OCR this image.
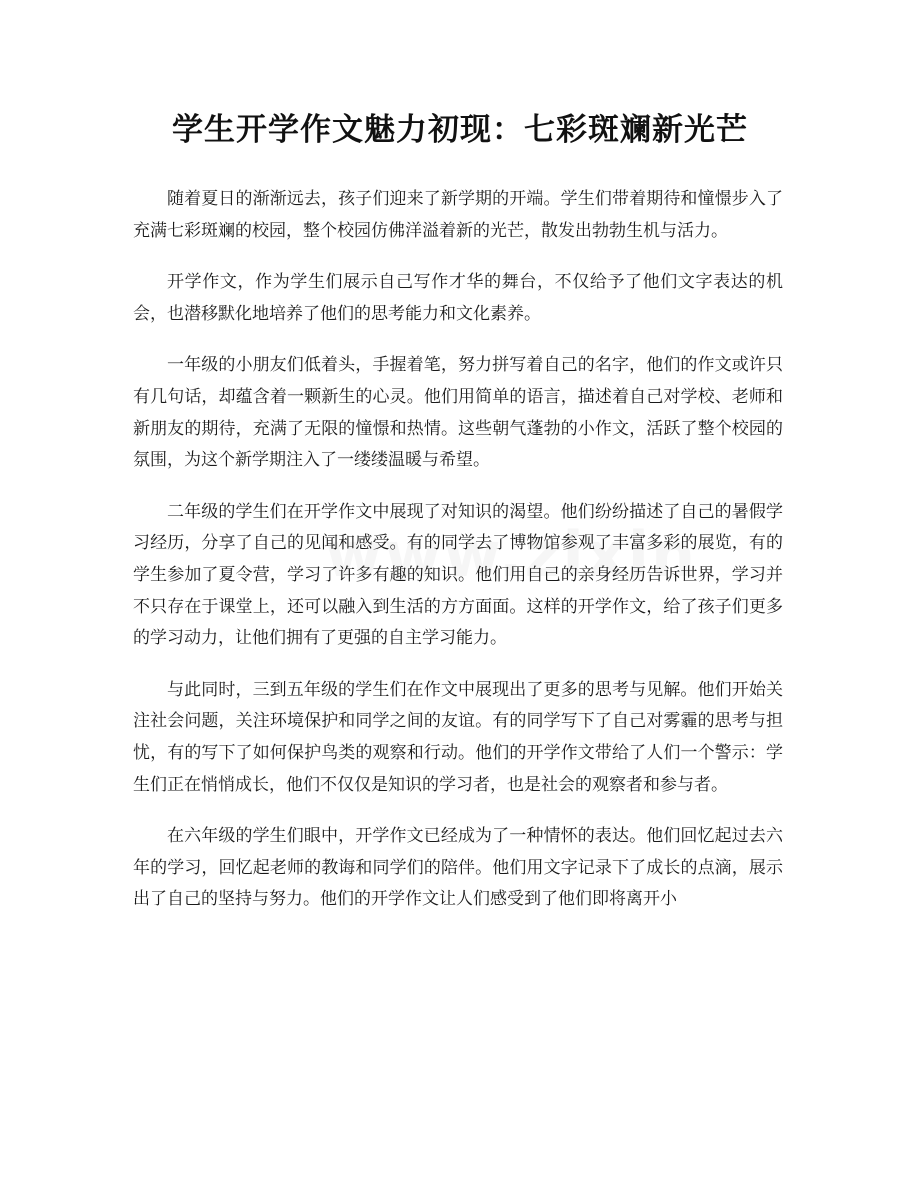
学生开学作文魅力初现：七彩斑斓新光芒

随着夏日的渐渐远去，孩子们迎来了新学期的开端。学生们带着期待和憧憬步入了充满七彩斑斓的校园，整个校园仿佛洋溢着新的光芒，散发出勃勃生机与活力。

开学作文，作为学生们展示自己写作才华的舞台，不仅给予了他们文字表达的机会，也潜移默化地培养了他们的思考能力和文化素养。

一年级的小朋友们低着头，手握着笔，努力拼写着自己的名字，他们的作文或许只有几句话，却蕴含着一颗新生的心灵。他们用简单的语言，描述着自己对学校、老师和新朋友的期待，充满了无限的憧憬和热情。这些朝气蓬勃的小作文，活跃了整个校园的氛围，为这个新学期注入了一缕缕温暖与希望。

二年级的学生们在开学作文中展现了对知识的渴望。他们纷纷描述了自己的暑假学习经历，分享了自己的见闻和感受。有的同学去了博物馆参观了丰富多彩的展览，有的学生参加了夏令营，学习了许多有趣的知识。他们用自己的亲身经历告诉世界，学习并不只存在于课堂上，还可以融入到生活的方方面面。这样的开学作文，给了孩子们更多的学习动力，让他们拥有了更强的自主学习能力。

与此同时，三到五年级的学生们在作文中展现出了更多的思考与见解。他们开始关注社会问题，关注环境保护和同学之间的友谊。有的同学写下了自己对雾霾的思考与担忧，有的写下了如何保护鸟类的观察和行动。他们的开学作文带给了人们一个警示：学生们正在悄悄成长，他们不仅仅是知识的学习者，也是社会的观察者和参与者。

在六年级的学生们眼中，开学作文已经成为了一种情怀的表达。他们回忆起过去六年的学习，回忆起老师的教诲和同学们的陪伴。他们用文字记录下了成长的点滴，展示出了自己的坚持与努力。他们的开学作文让人们感受到了他们即将离开小
